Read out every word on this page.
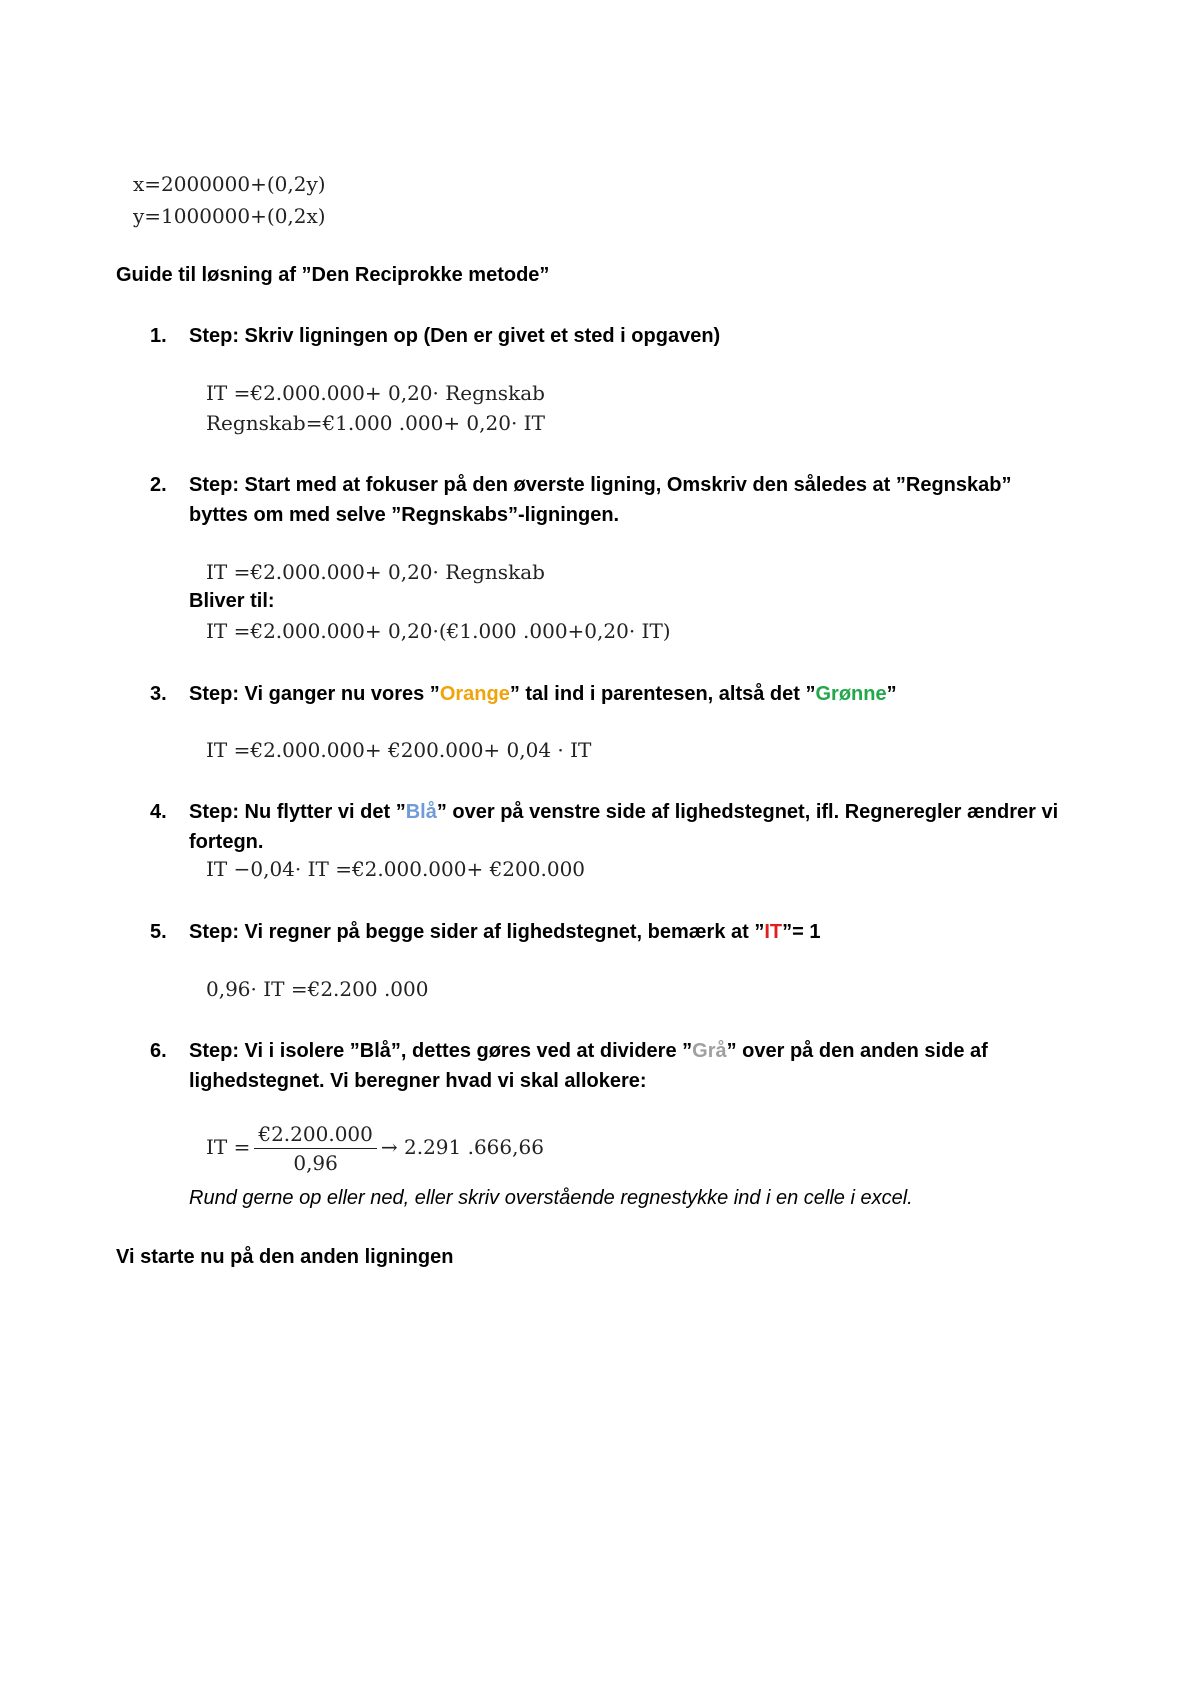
x=2000000+(0,2y)
y=1000000+(0,2x)
Guide til løsning af ”Den Reciprokke metode”
1. Step: Skriv ligningen op (Den er givet et sted i opgaven)
IT =€2.000.000+ 0,20· Regnskab
Regnskab=€1.000 .000+ 0,20· IT
2. Step: Start med at fokuser på den øverste ligning, Omskriv den således at ”Regnskab” byttes om med selve ”Regnskabs”-ligningen.
IT =€2.000.000+ 0,20· Regnskab
Bliver til:
IT =€2.000.000+ 0,20·(€1.000 .000+0,20· IT)
3. Step: Vi ganger nu vores ”Orange” tal ind i parentesen, altså det ”Grønne”
IT =€2.000.000+ €200.000+ 0,04 · IT
4. Step: Nu flytter vi det ”Blå” over på venstre side af lighedstegnet, ifl. Regneregler ændrer vi fortegn.
IT −0,04· IT =€2.000.000+ €200.000
5. Step: Vi regner på begge sider af lighedstegnet, bemærk at ”IT”= 1
0,96· IT =€2.200 .000
6. Step: Vi i isolere ”Blå”, dettes gøres ved at dividere ”Grå” over på den anden side af lighedstegnet. Vi beregner hvad vi skal allokere:
IT = $\frac{€2.200.000}{0,96} \to 2.291$ .666,66
Rund gerne op eller ned, eller skriv overstående regnestykke ind i en celle i excel.
Vi starte nu på den anden ligningen
